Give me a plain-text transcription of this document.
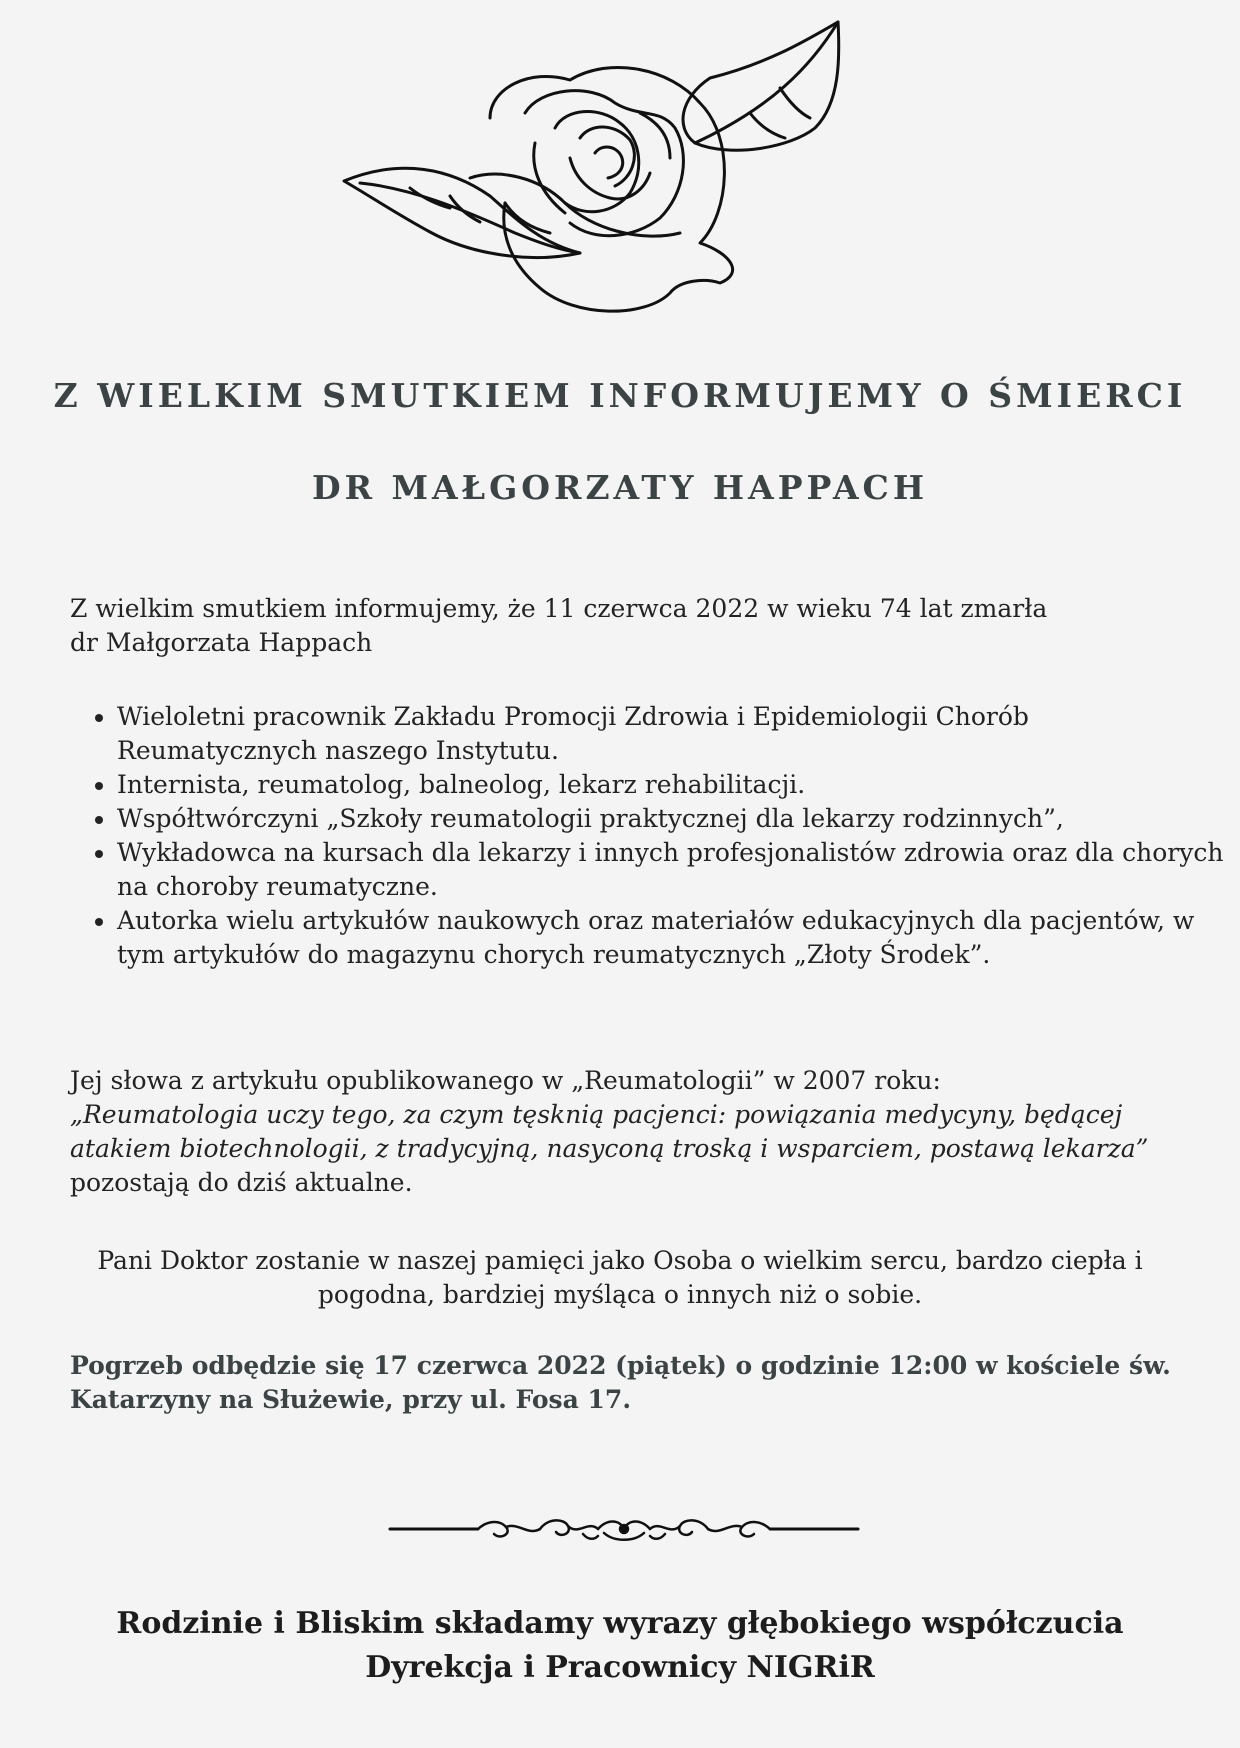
Z WIELKIM SMUTKIEM INFORMUJEMY O ŚMIERCI
DR MAŁGORZATY HAPPACH
Z wielkim smutkiem informujemy, że 11 czerwca 2022 w wieku 74 lat zmarła
dr Małgorzata Happach
• Wieloletni pracownik Zakładu Promocji Zdrowia i Epidemiologii Chorób Reumatycznych naszego Instytutu.
• Internista, reumatolog, balneolog, lekarz rehabilitacji.
• Współtwórczyni „Szkoły reumatologii praktycznej dla lekarzy rodzinnych”,
• Wykładowca na kursach dla lekarzy i innych profesjonalistów zdrowia oraz dla chorych na choroby reumatyczne.
• Autorka wielu artykułów naukowych oraz materiałów edukacyjnych dla pacjentów, w tym artykułów do magazynu chorych reumatycznych „Złoty Środek”.
Jej słowa z artykułu opublikowanego w „Reumatologii” w 2007 roku:
„Reumatologia uczy tego, za czym tęsknią pacjenci: powiązania medycyny, będącej atakiem biotechnologii, z tradycyjną, nasyconą troską i wsparciem, postawą lekarza”
pozostają do dziś aktualne.
Pani Doktor zostanie w naszej pamięci jako Osoba o wielkim sercu, bardzo ciepła i pogodna, bardziej myśląca o innych niż o sobie.
Pogrzeb odbędzie się 17 czerwca 2022 (piątek) o godzinie 12:00 w kościele św. Katarzyny na Służewie, przy ul. Fosa 17.
Rodzinie i Bliskim składamy wyrazy głębokiego współczucia
Dyrekcja i Pracownicy NIGRiR
